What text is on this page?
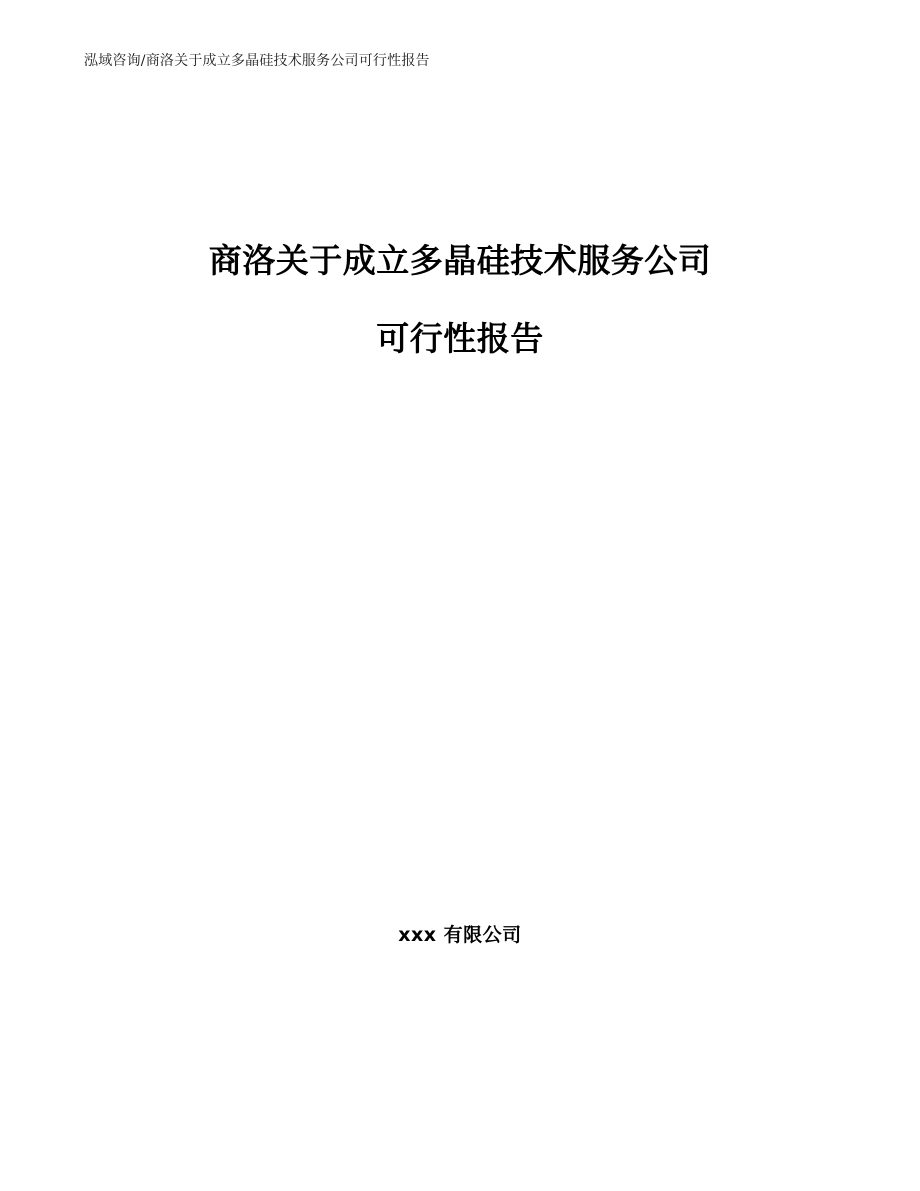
泓域咨询/商洛关于成立多晶硅技术服务公司可行性报告
商洛关于成立多晶硅技术服务公司
可行性报告
xxx 有限公司
